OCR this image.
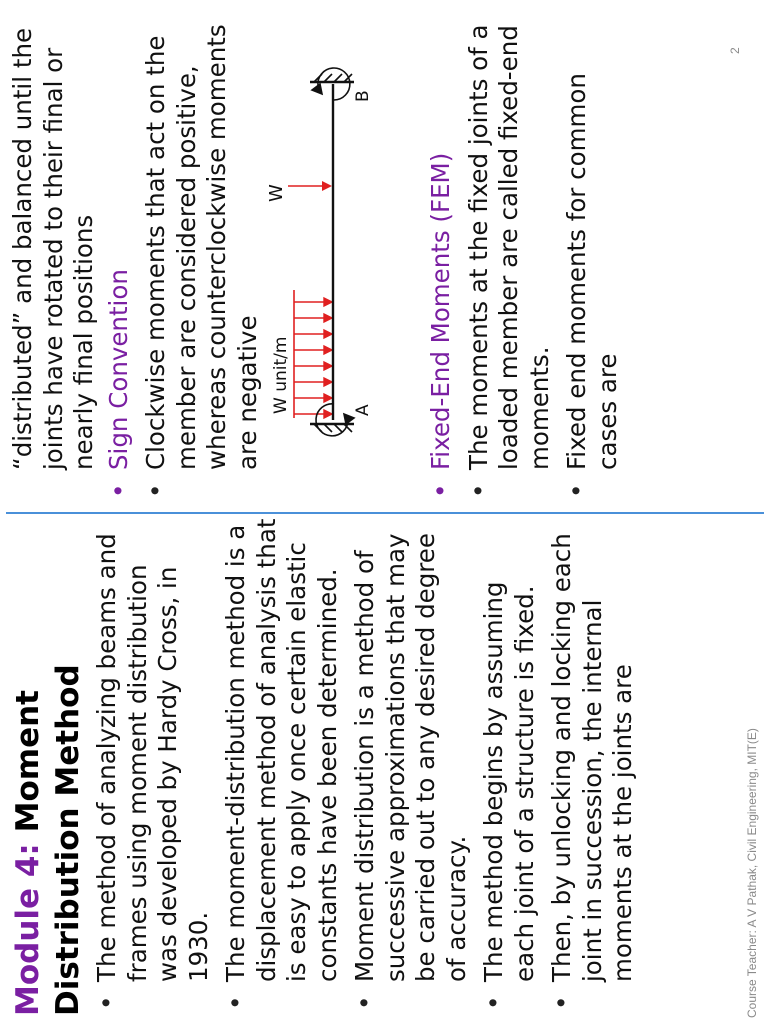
Module 4: Moment Distribution Method • The method of analyzing beams and frames using moment distribution was developed by Hardy Cross, in 1930. • The moment-distribution method is a displacement method of analysis that is easy to apply once certain elastic constants have been determined. • Moment distribution is a method of successive approximations that may be carried out to any desired degree of accuracy. • The method begins by assuming each joint of a structure is fixed. • Then, by unlocking and locking each joint in succession, the internal moments at the joints are
“distributed” and balanced until the joints have rotated to their final or nearly final positions • Sign Convention • Clockwise moments that act on the member are considered positive, whereas counterclockwise moments are negative W unit/m
W
A
B
• Fixed-End Moments (FEM) • The moments at the fixed joints of a loaded member are called fixed-end moments. • Fixed end moments for common cases are
Course Teacher: A V Pathak, Civil Engineering, MIT(E)
2
